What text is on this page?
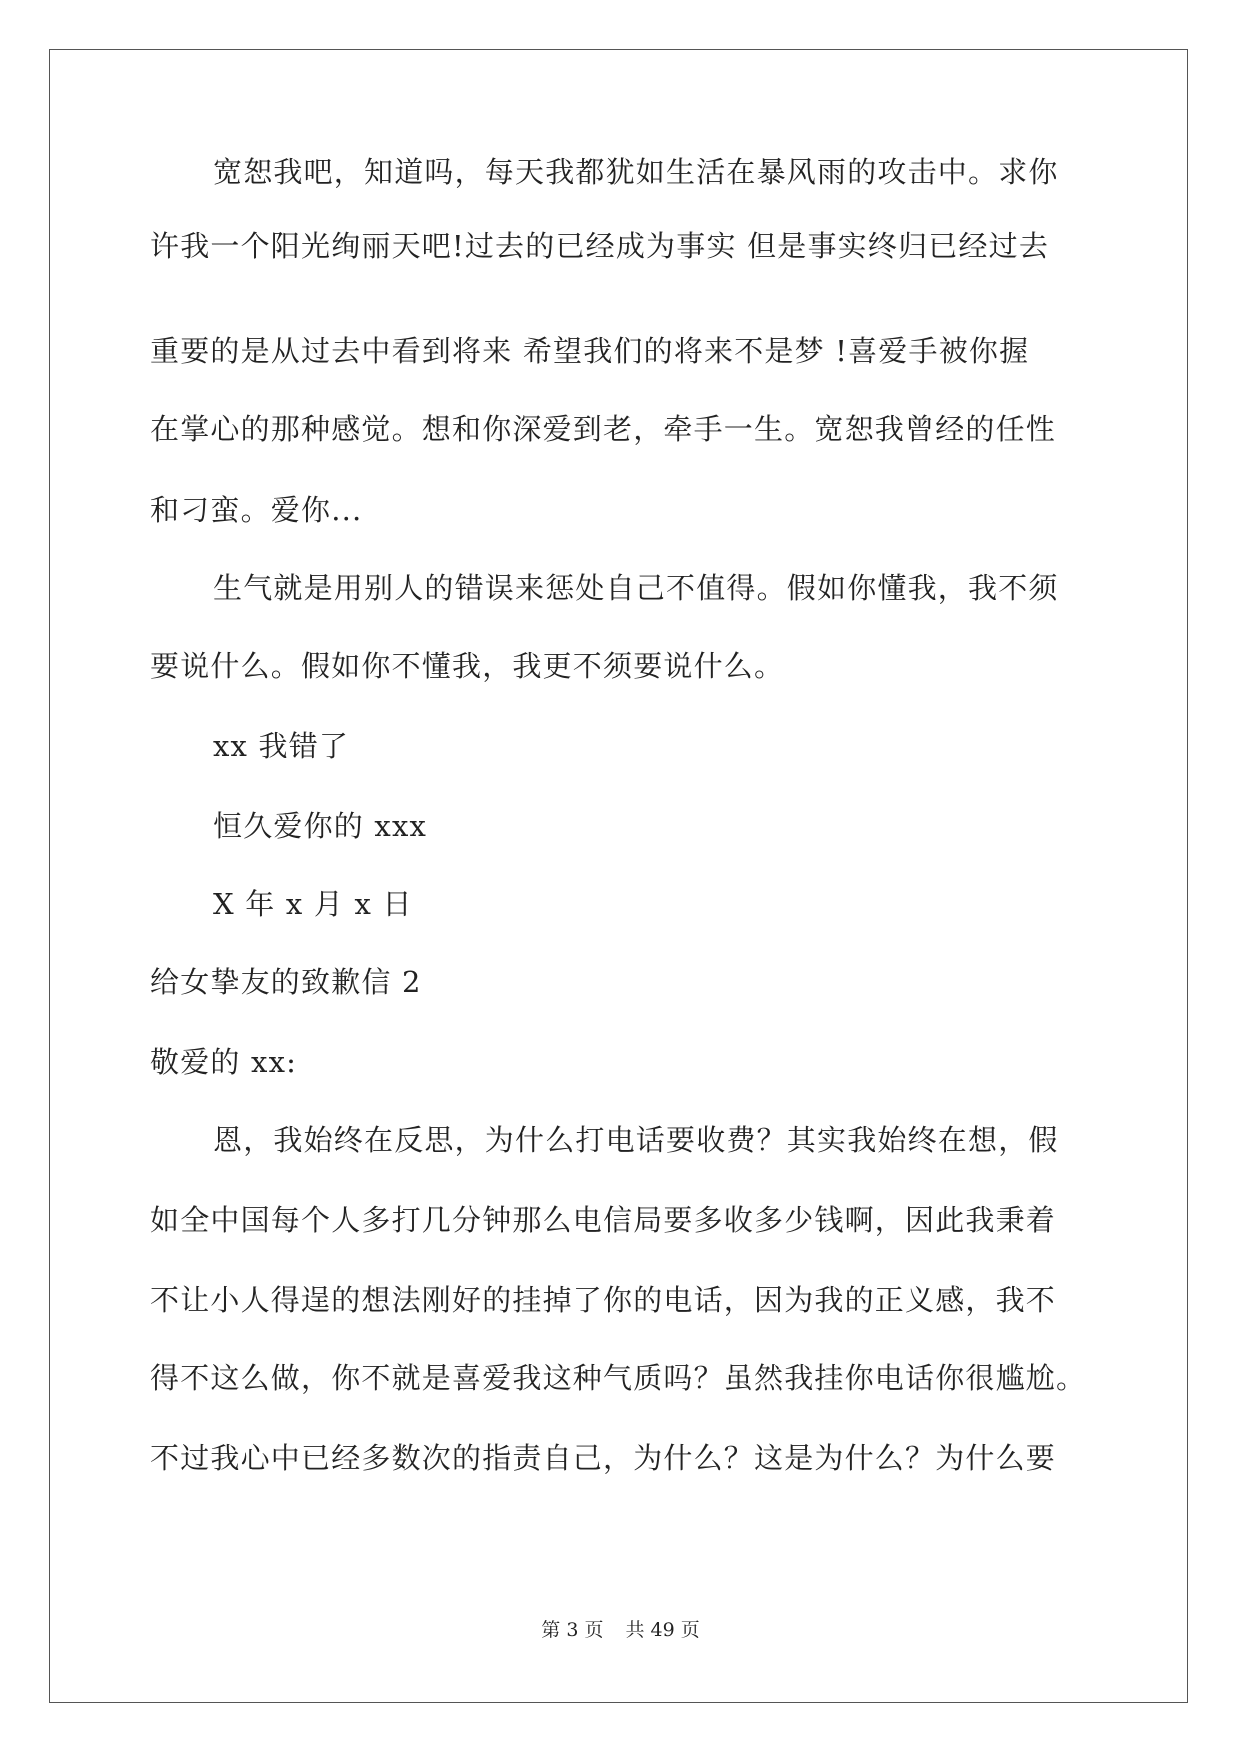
宽恕我吧，知道吗，每天我都犹如生活在暴风雨的攻击中。求你
许我一个阳光绚丽天吧!过去的已经成为事实 但是事实终归已经过去
重要的是从过去中看到将来 希望我们的将来不是梦 !喜爱手被你握
在掌心的那种感觉。想和你深爱到老，牵手一生。宽恕我曾经的任性
和刁蛮。爱你...
生气就是用别人的错误来惩处自己不值得。假如你懂我，我不须
要说什么。假如你不懂我，我更不须要说什么。
xx 我错了
恒久爱你的 xxx
X 年 x 月 x 日
给女挚友的致歉信 2
敬爱的 xx:
恩，我始终在反思，为什么打电话要收费？其实我始终在想，假
如全中国每个人多打几分钟那么电信局要多收多少钱啊，因此我秉着
不让小人得逞的想法刚好的挂掉了你的电话，因为我的正义感，我不
得不这么做，你不就是喜爱我这种气质吗？虽然我挂你电话你很尴尬。
不过我心中已经多数次的指责自己，为什么？这是为什么？为什么要
第 3 页 共 49 页
